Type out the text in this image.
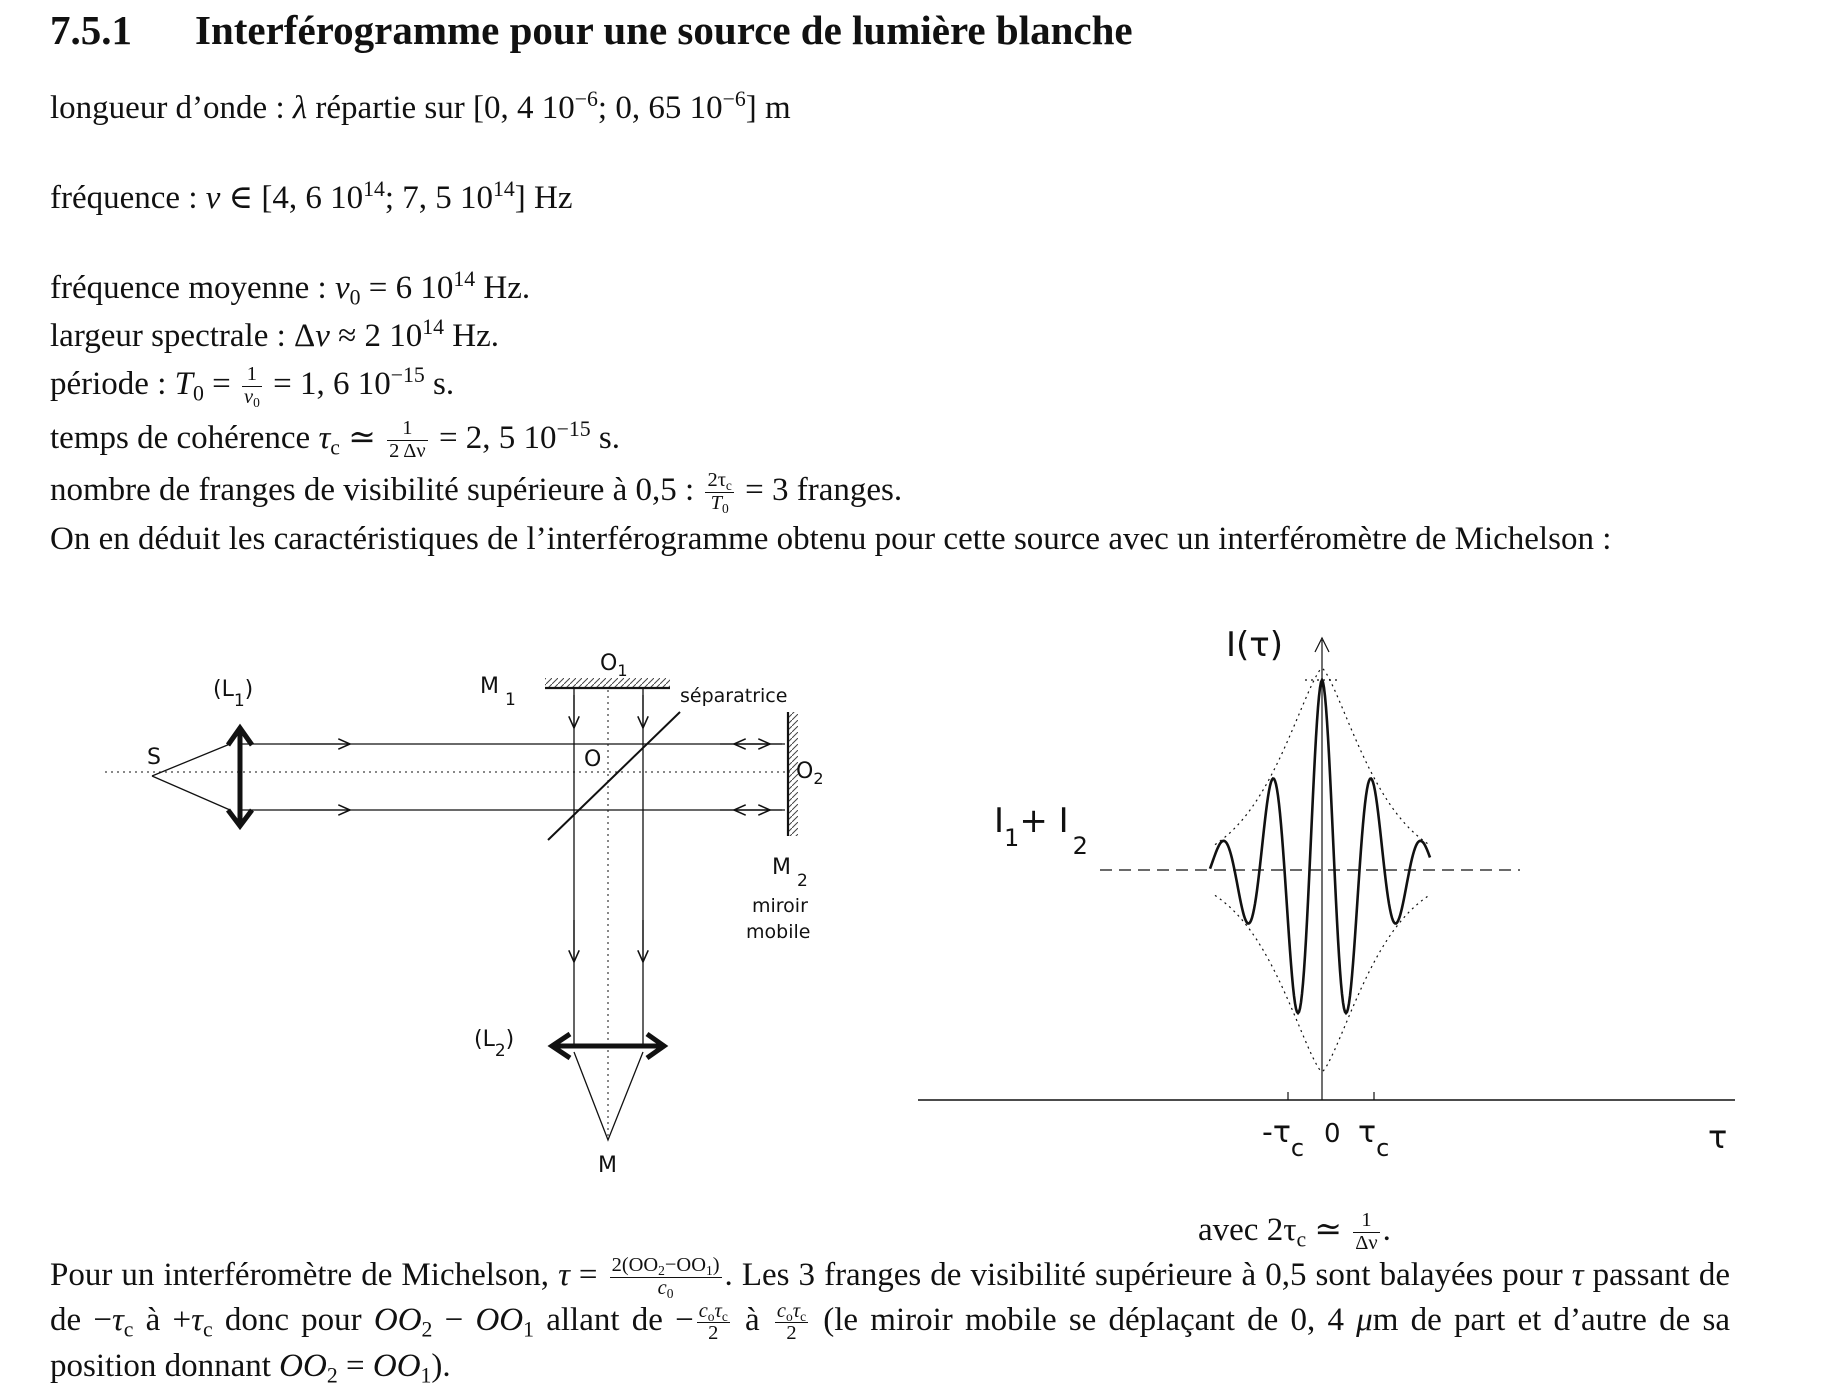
7.5.1 Interférogramme pour une source de lumière blanche

longueur d’onde : λ répartie sur [0, 4 $10^{-6}$; 0, 65 $10^{-6}$] m

fréquence : ν ∈ [4, 6 $10^{14}$; 7, 5 $10^{14}$] Hz

fréquence moyenne : $\nu_0 = 6$ $10^{14}$ Hz.

largeur spectrale : Δν ≈ 2 $10^{14}$ Hz.

période : $T_0 = \frac{1}{\nu_0} = 1$, 6 $10^{-15}$ s.

temps de cohérence $\tau_c$ ≃ $\frac{1}{2 \Delta\nu} = 2$, 5 $10^{-15}$ s.

nombre de franges de visibilité supérieure à 0,5 : $\frac{2\tau_c}{T_0} = 3$ franges.

On en déduit les caractéristiques de l’interférogramme obtenu pour cette source avec un interféromètre de Michelson :

avec $2\tau_c$ ≃ $\frac{1}{\Delta\nu}$ .

Pour un interféromètre de Michelson, $\tau = \frac{2(OO_2-OO_1)}{c_0}$ . Les 3 franges de visibilité supérieure à 0,5 sont balayées pour τ passant de de $-\tau_c$ à $+\tau_c$ donc pour $OO_2 - OO_1$ allant de − $\frac{c_o\tau_c}{2}$ à $\frac{c_o\tau_c}{2} (le$ miroir mobile se déplaçant de 0, 4 μm de part et d’autre de sa position donnant $OO_2 = OO_1$).

S
$(L_1)$	$M_1$
$O_1$
séparatrice
O	$O_2$
$M_2$
miroir
mobile
$(L_2)$
M
I(τ)
$I_1+ I_2$
$-\tau_c$ 0 $\tau_c$	τ
